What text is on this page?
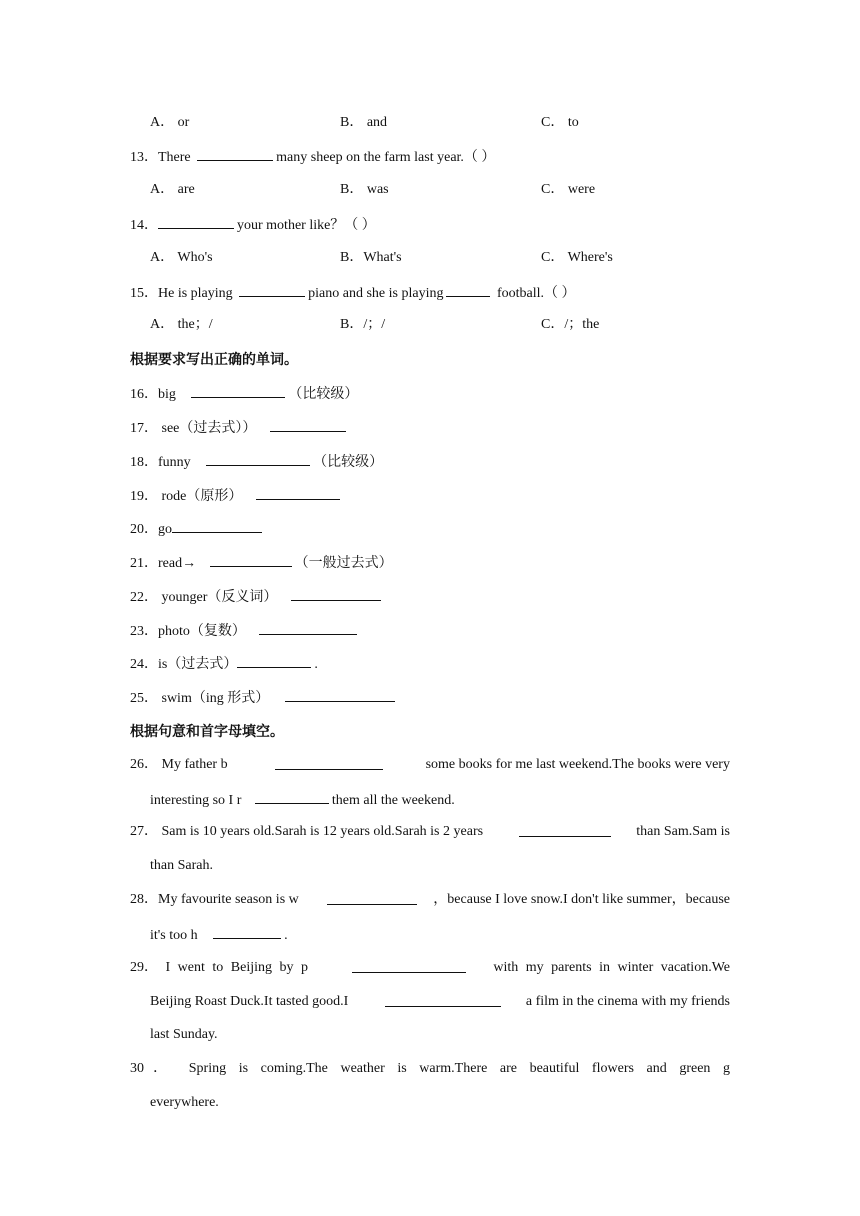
A． or	B． and	C． to
13．There	many sheep on the farm last year.（ ）
A． are	B． was	C． were
14．	your mother like？（ ）
A． Who's	B．What's	C． Where's
15．He is playing	piano and she is playing	football.（ ）
A． the；/	B．/；/	C．/；the
根据要求写出正确的单词。
16．big	（比较级）
17． see（过去式））
18．funny	（比较级）
19． rode（原形）
20．go
21．read→	（一般过去式）
22． younger（反义词）
23．photo（复数）
24．is（过去式）	.
25． swim（ing 形式）
根据句意和首字母填空。
26． My father b	some books for me last weekend.The books were very
interesting so I r	them all the weekend.
27． Sam is 10 years old.Sarah is 12 years old.Sarah is 2 years	than Sam.Sam is
than Sarah.
28．My favourite season is w	，because I love snow.I don't like summer，because
it's too h	.
29． I went to Beijing by p	with my parents in winter vacation.We
Beijing Roast Duck.It tasted good.I	a film in the cinema with my friends
last Sunday.
30． Spring is coming.The weather is warm.There are beautiful flowers and green g
everywhere.
